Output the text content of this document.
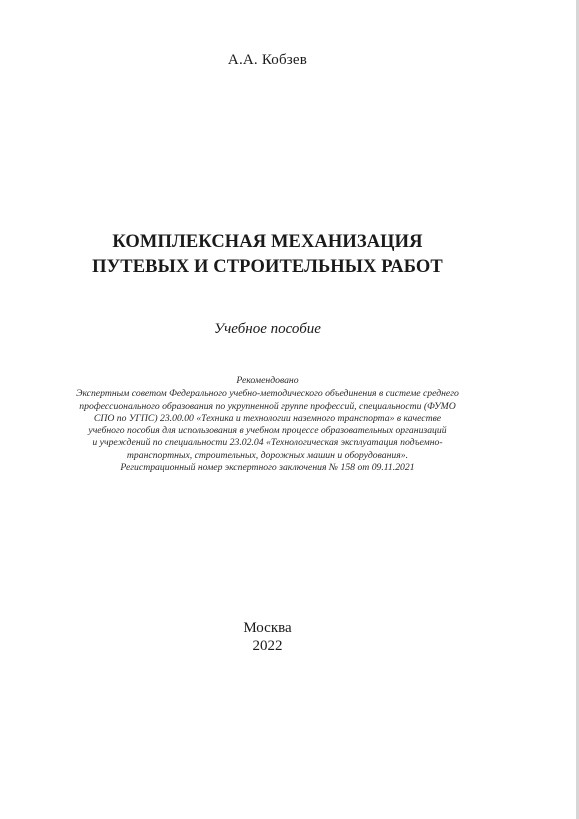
А.А. Кобзев
КОМПЛЕКСНАЯ МЕХАНИЗАЦИЯ
ПУТЕВЫХ И СТРОИТЕЛЬНЫХ РАБОТ
Учебное пособие
Рекомендовано
Экспертным советом Федерального учебно-методического объединения в системе среднего
профессионального образования по укрупненной группе профессий, специальности (ФУМО
СПО по УГПС) 23.00.00 «Техника и технологии наземного транспорта» в качестве
учебного пособия для использования в учебном процессе образовательных организаций
и учреждений по специальности 23.02.04 «Технологическая эксплуатация подъемно-
транспортных, строительных, дорожных машин и оборудования».
Регистрационный номер экспертного заключения № 158 от 09.11.2021
Москва
2022
